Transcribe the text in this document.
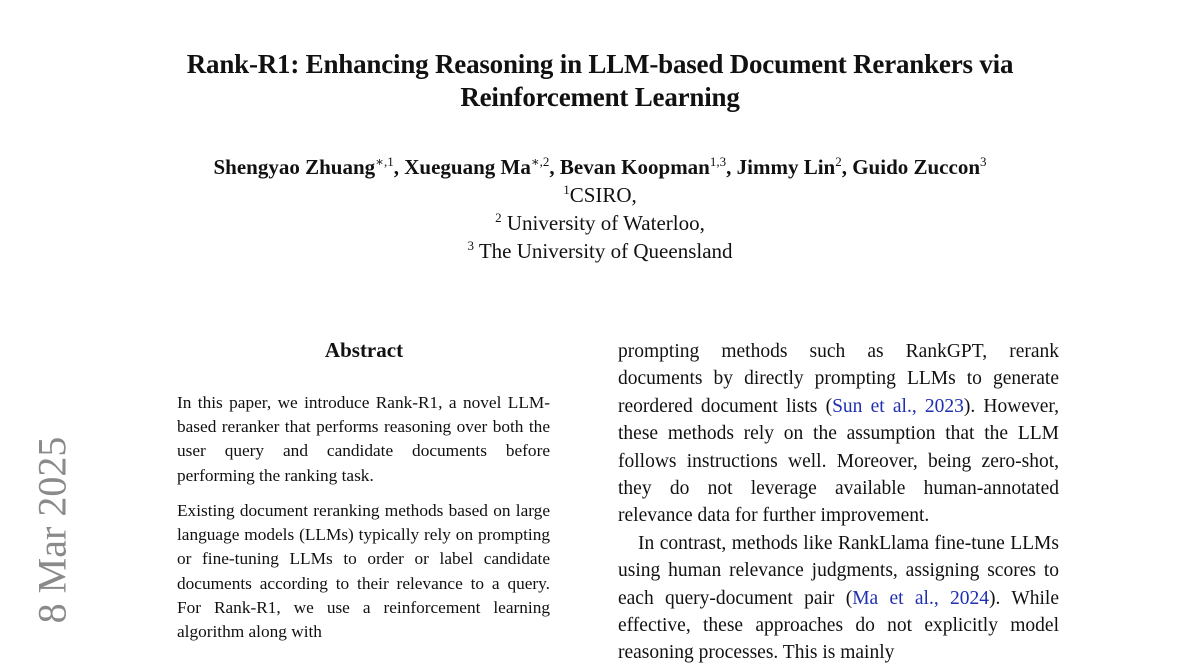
Rank-R1: Enhancing Reasoning in LLM-based Document Rerankers via
Reinforcement Learning
Shengyao Zhuang$^{∗,1}$, Xueguang $Ma^{∗,2}$, Bevan Koopman$^{1,3}$, Jimmy Lin$^2$, Guido Zuccon$^3$
$^1$CSIRO,
$^2$ University of Waterloo,
$^3$ The University of Queensland
8 Mar 2025
Abstract

In this paper, we introduce Rank-R1, a novel LLM-based reranker that performs reasoning over both the user query and candidate documents before performing the ranking task.

Existing document reranking methods based on large language models (LLMs) typically rely on prompting or fine-tuning LLMs to order or label candidate documents according to their relevance to a query. For Rank-R1, we use a reinforcement learning algorithm along with

prompting methods such as RankGPT, rerank documents by directly prompting LLMs to generate reordered document lists (Sun et al., 2023). However, these methods rely on the assumption that the LLM follows instructions well. Moreover, being zero-shot, they do not leverage available human-annotated relevance data for further improvement.

In contrast, methods like RankLlama fine-tune LLMs using human relevance judgments, assigning scores to each query-document pair (Ma et al., 2024). While effective, these approaches do not explicitly model reasoning processes. This is mainly
